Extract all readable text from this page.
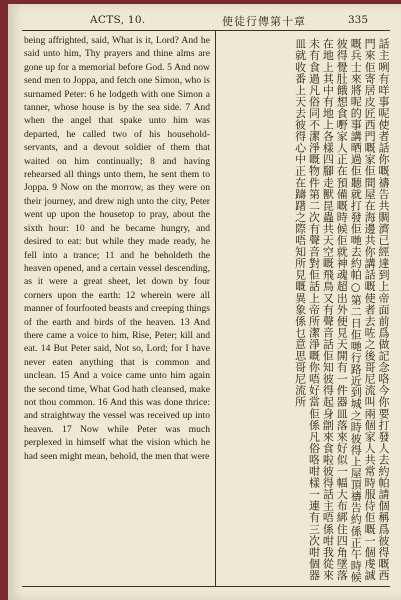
ACTS, 10.	使徒行傳第十章	335
being affrighted, said, What is it, Lord? And he said unto him, Thy prayers and thine alms are gone up for a memorial before God. 5 And now send men to Joppa, and fetch one Simon, who is surnamed Peter: 6 he lodgeth with one Simon a tanner, whose house is by the sea side. 7 And when the angel that spake unto him was departed, he called two of his household-servants, and a devout soldier of them that waited on him continually; 8 and having rehearsed all things unto them, he sent them to Joppa. 9 Now on the morrow, as they were on their journey, and drew nigh unto the city, Peter went up upon the housetop to pray, about the sixth hour: 10 and he became hungry, and desired to eat: but while they made ready, he fell into a trance; 11 and he beholdeth the heaven opened, and a certain vessel descending, as it were a great sheet, let down by four corners upon the earth: 12 wherein were all manner of fourfooted beasts and creeping things of the earth and birds of the heaven. 13 And there came a voice to him, Rise, Peter; kill and eat. 14 But Peter said, Not so, Lord; for I have never eaten anything that is common and unclean. 15 And a voice came unto him again the second time, What God hath cleansed, make not thou common. 16 And this was done thrice: and straightway the vessel was received up into heaven. 17 Now while Peter was much perplexed in himself what the vision which he had seen might mean, behold, the men that were	話主咧有咩事呢使者話你嘅禱告共賙濟已經達到上帝面前爲做記念咯今你要打發人去約帕請個稱爲彼得嘅西門來佢寄居皮匠西門嘅家佢間屋在海邊共你講話嘅使者去咗之後哥尼流叫兩個家人共常時服侍佢嘅一個虔誠嘅兵士來將呢的事講晒過佢聽就打發佢哋去約帕○第二日佢哋行路近到城之時彼得上屋頂禱告約係正午時候彼得覺肚餓想食嘢家人正在預備嘅時候佢就神魂超出外便見天開有一件器皿落來好似一幅大布綁住四角墜落在地上其中有地上各樣四腳走獸昆蟲共天空嘅飛鳥又有聲音話佢知彼得起身劏來食啦彼得話主唔係咁我從來未有食過凡俗同不潔淨嘅物件第二次有聲音對佢話上帝所潔淨嘅你唔好當佢係凡俗咯咁樣一連有三次咁個器皿就收番上天去彼得心中正在躊躇之際唔知所見嘅異象係乜意思哥尼流所
